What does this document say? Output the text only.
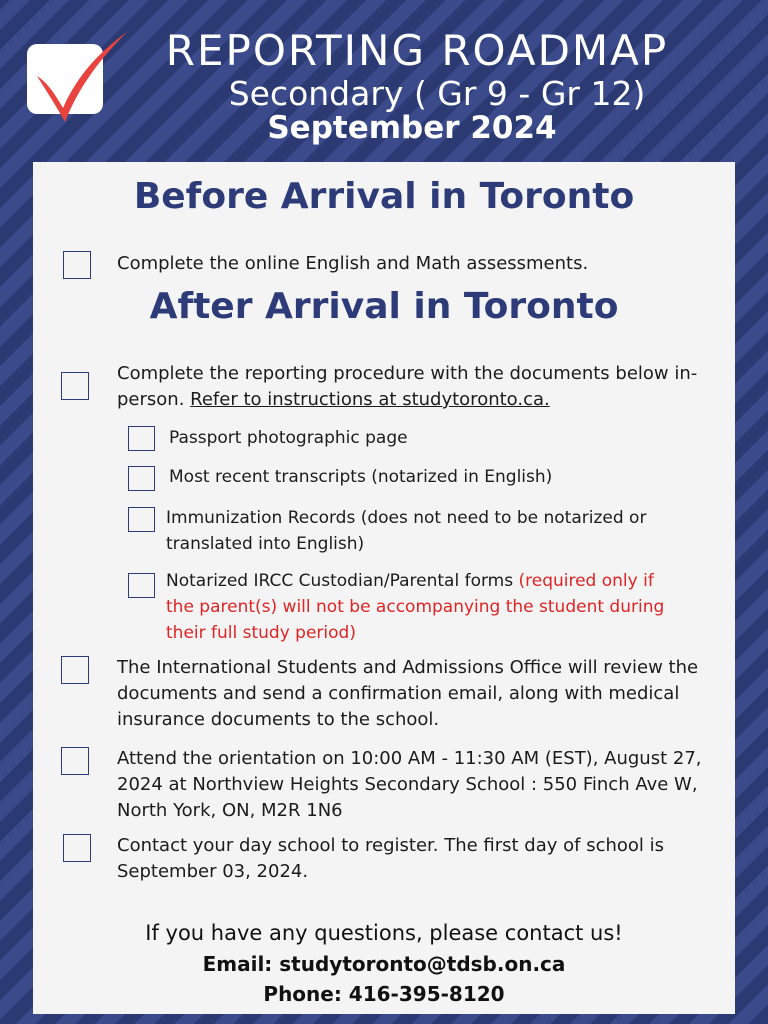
REPORTING ROADMAP
Secondary ( Gr 9 - Gr 12)
September 2024
Before Arrival in Toronto
Complete the online English and Math assessments.
After Arrival in Toronto
Complete the reporting procedure with the documents below in-person. Refer to instructions at studytoronto.ca.
Passport photographic page
Most recent transcripts (notarized in English)
Immunization Records (does not need to be notarized or translated into English)
Notarized IRCC Custodian/Parental forms (required only if the parent(s) will not be accompanying the student during their full study period)
The International Students and Admissions Office will review the documents and send a confirmation email, along with medical insurance documents to the school.
Attend the orientation on 10:00 AM - 11:30 AM (EST), August 27, 2024 at Northview Heights Secondary School : 550 Finch Ave W, North York, ON, M2R 1N6
Contact your day school to register. The first day of school is September 03, 2024.
If you have any questions, please contact us!
Email: studytoronto@tdsb.on.ca
Phone: 416-395-8120
